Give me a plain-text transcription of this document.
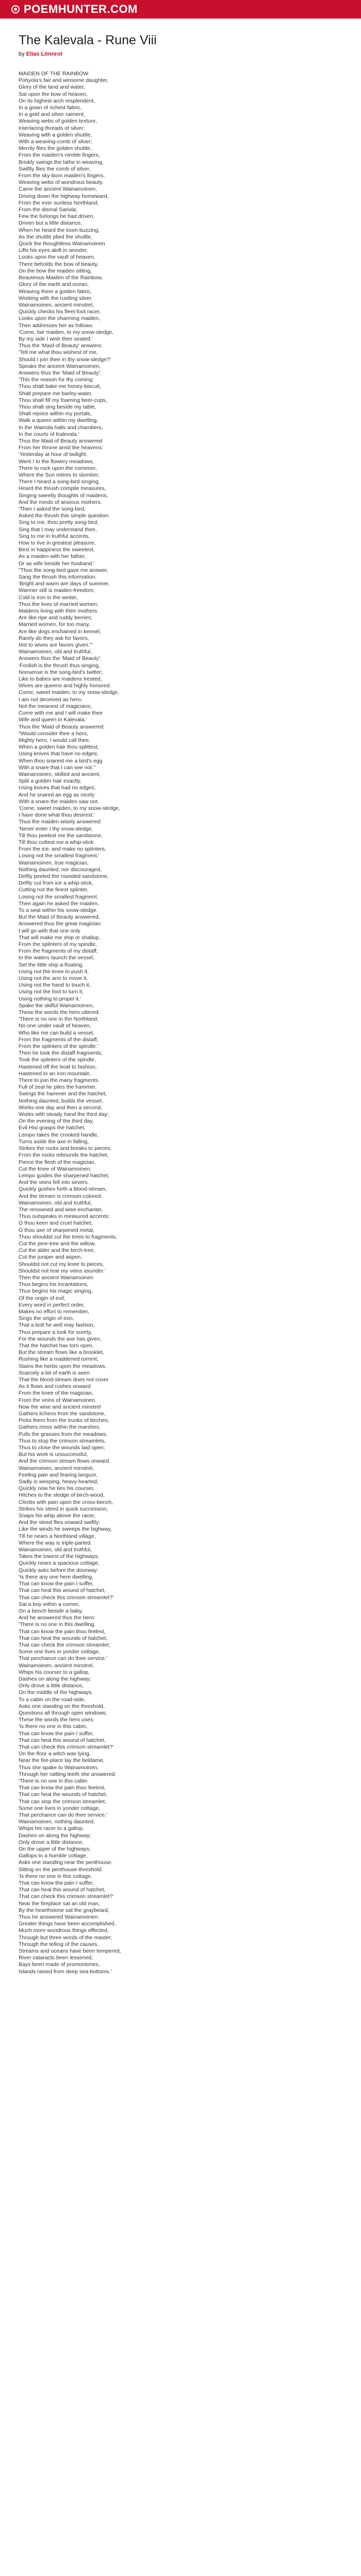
POEMHUNTER.COM
The Kalevala - Rune Viii
by Elias Lönnrot
MAIDEN OF THE RAINBOW.
Pohyola's fair and winsome daughter,
Glory of the land and water,
Sat upon the bow of heaven,
On its highest arch resplendent,
In a gown of richest fabric,
In a gold and silver raiment,
Weaving webs of golden texture,
Interlacing threads of silver;
Weaving with a golden shuttle,
With a weaving-comb of silver;
Merrily flies the golden shuttle,
From the maiden's nimble fingers,
Briskly swings the lathe in weaving,
Swiftly flies the comb of silver,
From the sky-born maiden's fingers,
Weaving webs of wondrous beauty.
Came the ancient Wainamoinen,
Driving down the highway homeward,
From the ever sunless Northland,
From the dismal Sariola;
Few the furlongs he had driven,
Driven but a little distance,
When he heard the loom buzzing,
As the shuttle plied the shuttle,
Quick the thoughtless Wainamoinen
Lifts his eyes aloft in wonder,
Looks upon the vault of heaven,
There beholds the bow of beauty,
On the bow the maiden sitting,
Beauteous Maiden of the Rainbow,
Glory of the earth and ocean,
Weaving there a golden fabric,
Working with the rustling silver.
Wainamoinen, ancient minstrel,
Quickly checks his fleet-foot racer,
Looks upon the charming maiden,
Then addresses her as follows:
'Come, fair maiden, to my snow-sledge,
By my side I wish thee seated.'
Thus the 'Maid of Beauty' answers:
'Tell me what thou wishest of me,
Should I join thee in thy snow-sledge?'
Speaks the ancient Wainamoinen,
Answers thus the 'Maid of Beauty':
'This the reason for thy coming:
Thou shalt bake me honey-biscuit,
Shalt prepare me barley-water,
Thou shalt fill my foaming beer-cups,
Thou shalt sing beside my table,
Shalt rejoice within my portals,
Walk a queen within my dwelling,
In the Wainola halls and chambers,
In the courts of Kalevala.'
Thus the Maid of Beauty answered
From her throne amid the heavens:
'Yesterday at hour of twilight,
Went I to the flowery meadows,
There to rock upon the common,
Where the Sun retires to slumber;
There I heard a song-bird singing,
Heard the thrush compile measures,
Singing sweetly thoughts of maidens,
And the minds of anxious mothers.
'Then I asked the song-bird,
Asked the thrush this simple question:
Sing to me, thou pretty song-bird,
Sing that I may understand thee,
Sing to me in truthful accents,
How to live in greatest pleasure,
Best in happiness the sweetest,
As a maiden with her father,
Or as wife beside her husband.'
"Thus the song-bird gave me answer,
Sang the thrush this information:
'Bright and warm are days of summer,
Warmer still is maiden-freedom;
Cold is iron in the winter,
Thus the lives of married women;
Maidens living with their mothers
Are like ripe and ruddy berries;
Married women, for too many,
Are like dogs enchained in kennel,
Rarely do they ask for favors,
Not to wives are favors given.'"
Wainamoinen, old and truthful,
Answers thus the 'Maid of Beauty':
'Foolish is the thrush thus singing,
Nonsense is the song-bird's twitter;
Like to babes are maidens treated,
Wives are queens and highly honored.
Come, sweet maiden, to my snow-sledge,
I am not deceived as hero,
Not the meanest of magicians;
Come with me and I will make thee
Wife and queen in Kalevala.'
Thus the 'Maid of Beauty answered:
"Would consider thee a hero,
Mighty hero, I would call thee,
When a golden hair thou splittest,
Using knives that have no edges;
When thou snarest me a bird's egg
With a snare that I can see not."
Wainamoinen, skilled and ancient,
Split a golden hair exactly,
Using knives that had no edges;
And he snared an egg as nicely
With a snare the maiden saw not.
'Come, sweet maiden, to my snow-sledge,
I have done what thou desirest.'
Thus the maiden wisely answered:
'Never enter I thy snow-sledge,
Till thou peelest me the sandstone,
Till thou cuttest me a whip-stick
From the ice, and make no splinters,
Losing not the smallest fragment.'
Wainamoinen, true magician,
Nothing daunted, nor discouraged,
Deftly peeled the rounded sandstone,
Deftly cut from ice a whip-stick,
Cutting not the finest splinter,
Losing not the smallest fragment.
Then again he asked the maiden,
To a seat within his snow-sledge.
But the Maid of Beauty answered,
Answered thus the great magician:
I will go with that one only
That will make me ship or shallop,
From the splinters of my spindle,
From the fragments of my distaff,
In the waters launch the vessel,
Set the little ship a-floating,
Using not the knee to push it,
Using not the arm to move it,
Using not the hand to touch it,
Using not the foot to turn it,
Using nothing to propel it.'
Spake the skilful Wainamoinen,
These the words the hero uttered:
'There is no one in the Northland,
No one under vault of heaven,
Who like me can build a vessel,
From the fragments of the distaff,
From the splinters of the spindle.'
Then he took the distaff-fragments,
Took the splinters of the spindle,
Hastened off the boat to fashion,
Hastened to an iron mountain,
There to join the many fragments.
Full of zeal he plies the hammer,
Swings the hammer and the hatchet,
Nothing daunted, builds the vessel,
Works one day and then a second,
Works with steady hand the third day;
On the evening of the third day,
Evil Hisi grasps the hatchet,
Lempo takes the crooked handle,
Turns aside the axe in falling,
Strikes the rocks and breaks to pieces;
From the rocks rebounds the hatchet,
Pierce the flesh of the magician,
Cut the knee of Wainamoinen;
Lempo guides the sharpened hatchet,
And the veins fell into severs.
Quickly gushes forth a blood-stream,
And the stream is crimson-colored.
Wainamoinen, old and truthful,
The renowned and wise enchanter,
Thus outspeaks in measured accents:
O thou keen and cruel hatchet,
O thou axe of sharpened metal,
Thou shouldst cut the trees to fragments,
Cut the pine-tree and the willow,
Cut the alder and the birch-tree,
Cut the juniper and aspen,
Shouldst not cut my knee to pieces,
Shouldst not tear my veins asunder.'
Then the ancient Wainamoinen
Thus begins his incantations,
Thus begins his magic singing,
Of the origin of evil,
Every word in perfect order,
Makes no effort to remember,
Sings the origin of iron,
That a bolt he well may fashion,
Thus prepare a look for surety,
For the wounds the axe has given,
That the hatchet has torn open.
But the stream flows like a brooklet,
Rushing like a maddened torrent,
Stains the herbs upon the meadows,
Scarcely a bit of earth is seen
That the blood-stream does not cover
As it flows and rushes onward
From the knee of the magician,
From the veins of Wainamoinen.
Now the wise and ancient minstrel
Gathers lichens from the sandstone,
Picks them from the trunks of birches,
Gathers moss within the marshes,
Pulls the grasses from the meadows,
Thus to stop the crimson streamlets,
Thus to close the wounds laid open;
But his work is unsuccessful,
And the crimson stream flows onward.
Wainamoinen, ancient minstrel,
Feeling pain and fearing languor,
Sadly is weeping, heavy-hearted,
Quickly now he ties his courser,
Hitches to the sledge of birch-wood,
Climbs with pain upon the cross-bench,
Strikes his steed in quick succession,
Snaps his whip above the racer;
And the steed flies onward swiftly;
Like the winds he sweeps the highway,
Till he nears a Northland village,
Where the way is triple-parted.
Wainamoinen, old and truthful,
Takes the lowest of the highways,
Quickly nears a spacious cottage,
Quickly asks before the doorway:
'Is there any one here dwelling,
That can know the pain I suffer,
That can heal this wound of hatchet,
That can check this crimson streamlet?'
Sat a boy within a corner,
On a bench beside a baby,
And he answered thus the hero:
'There is no one in this dwelling,
That can know the pain thou feelest,
That can heal the wounds of hatchet,
That can check the crimson streamlet;
Some one lives in yonder cottage,
That perchance can do thee service.'
Wainamoinen, ancient minstrel,
Whips his courser to a gallop,
Dashes on along the highway;
Only drove a little distance,
On the middle of the highways,
To a cabin on the road-side,
Asks one standing on the threshold,
Questions all through open windows,
These the words the hero uses:
'Is there no one in this cabin,
That can know the pain I suffer,
That can heal this wound of hatchet,
That can check this crimson streamlet?'
On the floor a witch was lying,
Near the fire-place lay the beldame,
Thus she spake to Wainamoinen,
Through her rattling teeth she answered:
'There is no one in this cabin
That can know the pain thou feelest,
That can heal the wounds of hatchet,
That can stop the crimson streamlet;
Some one lives in yonder cottage,
That perchance can do thee service.'
Wainamoinen, nothing daunted,
Whips his racer to a gallop,
Dashes on along the highway;
Only drove a little distance,
On the upper of the highways,
Gallops to a humble cottage,
Asks one standing near the penthouse,
Sitting on the penthouse-threshold:
'Is there no one in this cottage,
That can know the pain I suffer,
That can heal this wound of hatchet,
That can check this crimson streamlet?'
Near the fireplace sat an old man,
By the hearthstone sat the graybeard,
Thus he answered Wainamoinen:
Greater things have been accomplished,
Much more wondrous things effected,
Through but three words of the master;
Through the telling of the causes,
Streams and oceans have been tempered,
River cataracts been lessened,
Bays been made of promontories,
Islands raised from deep sea-bottoms.'
